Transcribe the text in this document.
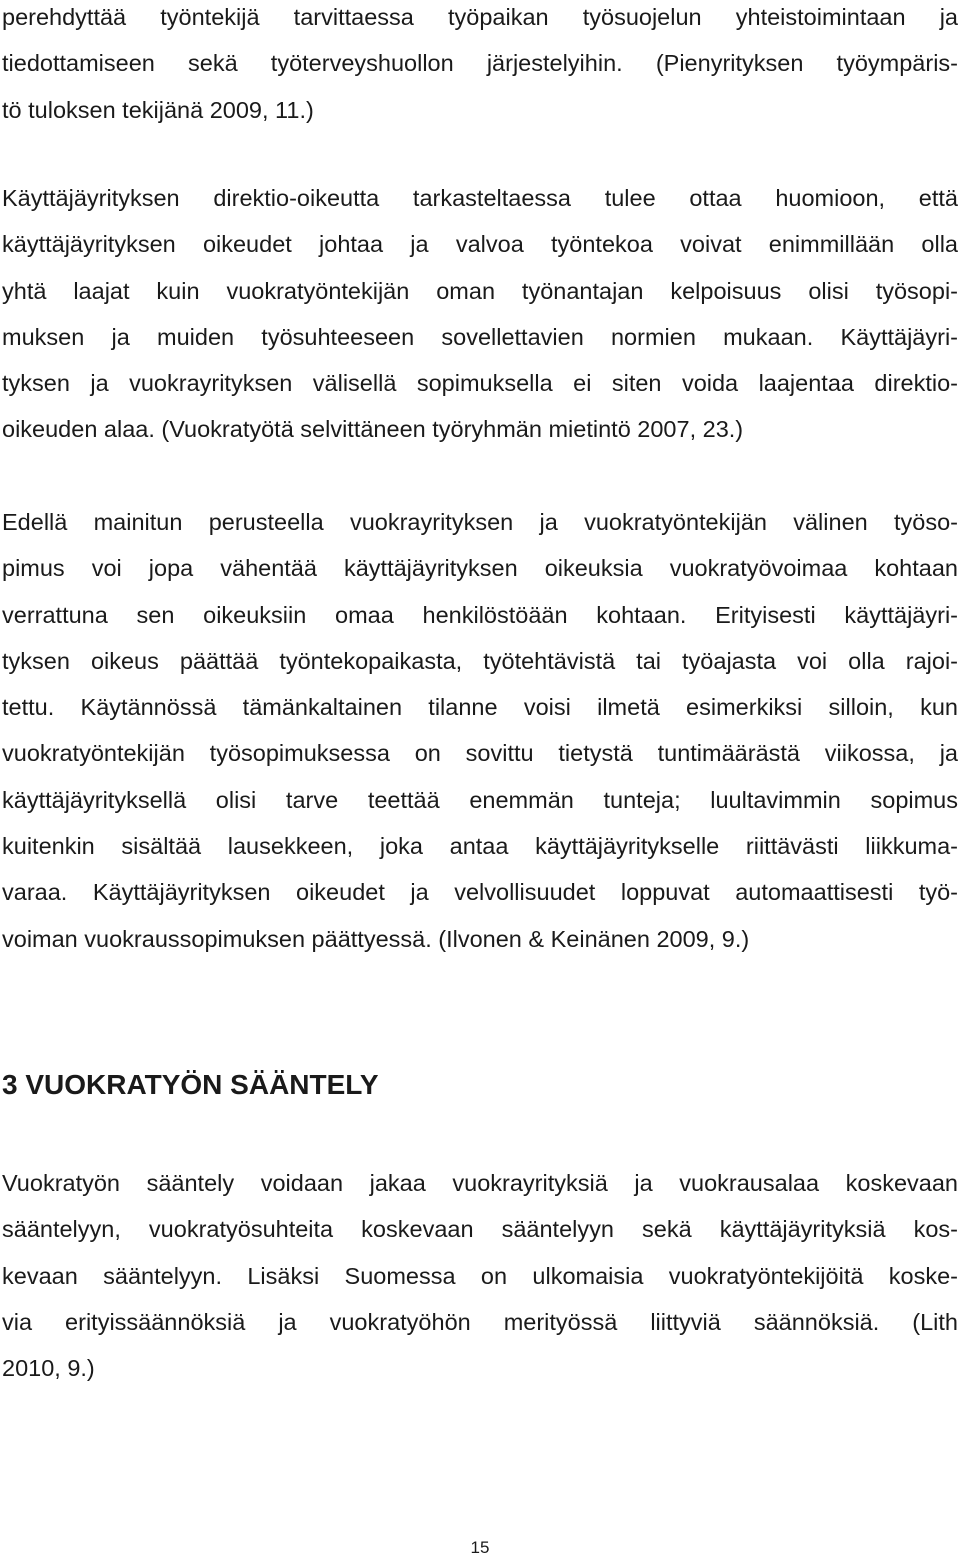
perehdyttää työntekijä tarvittaessa työpaikan työsuojelun yhteistoimintaan ja
tiedottamiseen sekä työterveyshuollon järjestelyihin. (Pienyrityksen työympäris-
tö tuloksen tekijänä 2009, 11.)
Käyttäjäyrityksen direktio-oikeutta tarkasteltaessa tulee ottaa huomioon, että
käyttäjäyrityksen oikeudet johtaa ja valvoa työntekoa voivat enimmillään olla
yhtä laajat kuin vuokratyöntekijän oman työnantajan kelpoisuus olisi työsopi-
muksen ja muiden työsuhteeseen sovellettavien normien mukaan. Käyttäjäyri-
tyksen ja vuokrayrityksen välisellä sopimuksella ei siten voida laajentaa direktio-
oikeuden alaa. (Vuokratyötä selvittäneen työryhmän mietintö 2007, 23.)
Edellä mainitun perusteella vuokrayrityksen ja vuokratyöntekijän välinen työso-
pimus voi jopa vähentää käyttäjäyrityksen oikeuksia vuokratyövoimaa kohtaan
verrattuna sen oikeuksiin omaa henkilöstöään kohtaan. Erityisesti käyttäjäyri-
tyksen oikeus päättää työntekopaikasta, työtehtävistä tai työajasta voi olla rajoi-
tettu. Käytännössä tämänkaltainen tilanne voisi ilmetä esimerkiksi silloin, kun
vuokratyöntekijän työsopimuksessa on sovittu tietystä tuntimäärästä viikossa, ja
käyttäjäyrityksellä olisi tarve teettää enemmän tunteja; luultavimmin sopimus
kuitenkin sisältää lausekkeen, joka antaa käyttäjäyritykselle riittävästi liikkuma-
varaa. Käyttäjäyrityksen oikeudet ja velvollisuudet loppuvat automaattisesti työ-
voiman vuokraussopimuksen päättyessä. (Ilvonen & Keinänen 2009, 9.)
3 VUOKRATYÖN SÄÄNTELY
Vuokratyön sääntely voidaan jakaa vuokrayrityksiä ja vuokrausalaa koskevaan
sääntelyyn, vuokratyösuhteita koskevaan sääntelyyn sekä käyttäjäyrityksiä kos-
kevaan sääntelyyn. Lisäksi Suomessa on ulkomaisia vuokratyöntekijöitä koske-
via erityissäännöksiä ja vuokratyöhön merityössä liittyviä säännöksiä. (Lith
2010, 9.)
15
